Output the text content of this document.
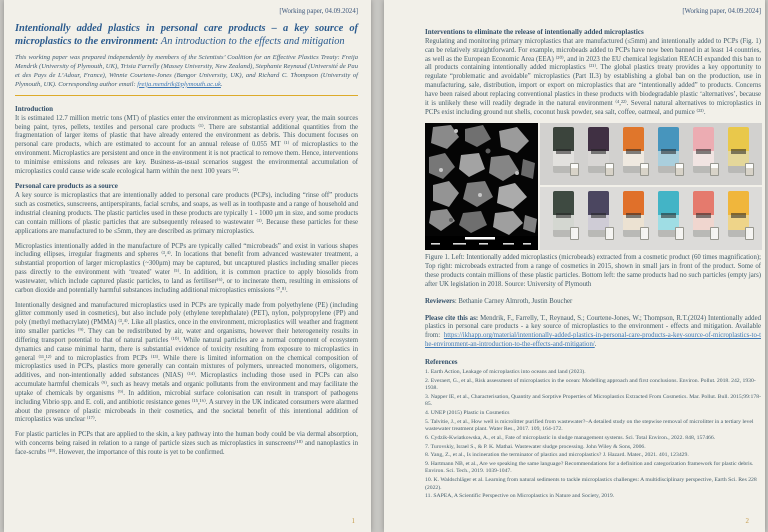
[Working paper, 04.09.2024]
Intentionally added plastics in personal care products – a key source of microplastics to the environment: An introduction to the effects and mitigation

This working paper was prepared independently by members of the Scientists’ Coalition for an Effective Plastics Treaty: Freija Mendrik (University of Plymouth, UK), Trisia Farrelly (Massey University, New Zealand), Stephanie Reynaud (Université de Pau et des Pays de L’Adour, France), Winnie Courtene-Jones (Bangor University, UK), and Richard C. Thompson (University of Plymouth, UK). Corresponding author email: freija.mendrik@plymouth.ac.uk.

Introduction

It is estimated 12.7 million metric tons (MT) of plastics enter the environment as microplastics every year, the main sources being paint, tyres, pellets, textiles and personal care products ⁽¹⁾. There are substantial additional quantities from the fragmentation of larger items of plastic that have already entered the environment as debris. This document focuses on personal care products, which are estimated to account for an annual release of 0.055 MT ⁽¹⁾ of microplastics to the environment. Microplastics are persistent and once in the environment it is not practical to remove them. Hence, interventions to minimise emissions and releases are key. Business-as-usual scenarios suggest the environmental accumulation of microplastics could cause wide scale ecological harm within the next 100 years ⁽²⁾.

Personal care products as a source

A key source is microplastics that are intentionally added to personal care products (PCPs), including “rinse off” products such as cosmetics, sunscreens, antiperspirants, facial scrubs, and soaps, as well as in toothpaste and a range of household and industrial cleaning products. The plastic particles used in these products are typically 1 - 1000 μm in size, and some products can contain millions of plastic particles that are subsequently released to wastewater ⁽³⁾. Because these particles for these applications are manufactured to be ≤5mm, they are described as primary microplastics.

Microplastics intentionally added in the manufacture of PCPs are typically called “microbeads” and exist in various shapes including ellipses, irregular fragments and spheres ⁽³,⁴⁾. In locations that benefit from advanced wastewater treatment, a substantial proportion of larger microplastics (~300μm) may be captured, but uncaptured plastics including smaller pieces pass directly to the environment with ‘treated’ water ⁽⁵⁾. In addition, it is common practice to apply biosolids from wastewater, which include captured plastic particles, to land as fertiliser⁽⁶⁾, or to incinerate them, resulting in emissions of carbon dioxide and potentially harmful substances including additional microplastics emissions ⁽⁷,⁸⁾.

Intentionally designed and manufactured microplastics used in PCPs are typically made from polyethylene (PE) (including glitter commonly used in cosmetics), but also include poly (ethylene terephthalate) (PET), nylon, polypropylene (PP) and poly (methyl methacrylate) (PMMA) ⁽³,⁴⁾. Like all plastics, once in the environment, microplastics will weather and fragment into smaller particles ⁽⁹⁾. They can be redistributed by air, water and organisms, however their heterogeneity results in differing transport potential to that of natural particles ⁽¹⁰⁾. While natural particles are a normal component of ecosystem dynamics and cause minimal harm, there is substantial evidence of toxicity resulting from exposure to microplastics in general ⁽¹¹,¹²⁾ and to microplastics from PCPs ⁽¹³⁾. While there is limited information on the chemical composition of microplastics used in PCPs, plastics more generally can contain mixtures of polymers, unreacted monomers, oligomers, additives, and non-intentionally added substances (NIAS) ⁽¹⁴⁾. Microplastics including those used in PCPs can also accumulate harmful chemicals ⁽⁹⁾, such as heavy metals and organic pollutants from the environment and may facilitate the uptake of chemicals by organisms ⁽⁹⁾. In addition, microbial surface colonisation can result in transport of pathogens including Vibrio spp. and E. coli, and antibiotic resistance genes ⁽¹⁵,¹⁶⁾. A survey in the UK indicated consumers were alarmed about the presence of plastic microbeads in their cosmetics, and the societal benefit of this intentional addition of microplastics was unclear ⁽¹⁷⁾.

For plastic particles in PCPs that are applied to the skin, a key pathway into the human body could be via dermal absorption, with concerns being raised in relation to a range of particle sizes such as microplastics in sunscreens⁽¹⁸⁾ and nanoplastics in face-scrubs ⁽¹⁹⁾. However, the importance of this route is yet to be confirmed.

1
[Working paper, 04.09.2024]
Interventions to eliminate the release of intentionally added microplastics

Regulating and monitoring primary microplastics that are manufactured (≤5mm) and intentionally added to PCPs (Fig. 1) can be relatively straightforward. For example, microbeads added to PCPs have now been banned in at least 14 countries, as well as the European Economic Area (EEA) ⁽²⁰⁾, and in 2023 the EU chemical legislation REACH expanded this ban to all products containing intentionally added microplastics ⁽²¹⁾. The global plastics treaty provides a key opportunity to regulate “problematic and avoidable” microplastics (Part II.3) by establishing a global ban on the production, use in manufacturing, sale, distribution, import or export on microplastics that are “intentionally added” to products. Concerns have been raised about replacing conventional plastics in these products with biodegradable plastic ‘alternatives’, because it is unlikely these will readily degrade in the natural environment ⁽⁴,²²⁾. Several natural alternatives to microplastics in PCPs exist including ground nut shells, coconut husk powder, sea salt, coffee, oatmeal, and pumice ⁽²³⁾.

Figure 1. Left: Intentionally added microplastics (microbeads) extracted from a cosmetic product (60 times magnification); Top right: microbeads extracted from a range of cosmetics in 2015, shown in small jars in front of the product. Some of these products contain millions of these plastic particles. Bottom left: the same products had no such particles (empty jars) after UK legislation in 2018. Source: University of Plymouth

Reviewers: Bethanie Carney Almroth, Justin Boucher

Please cite this as: Mendrik, F., Farrelly, T., Reynaud, S.; Courtene-Jones, W.; Thompson, R.T.(2024) Intentionally added plastics in personal care products - a key source of microplastics to the environment - effects and mitigation. Available from: https://ikhapp.org/material/intentionally-added-plastics-in-personal-care-products-a-key-source-of-microplastics-to-the-environment-an-introduction-to-the-effects-and-mitigation/.

References
1. Earth Action, Leakage of microplastics into oceans and land (2023).
2. Everaert, G., et al., Risk assessment of microplastics in the ocean: Modelling approach and first conclusions. Environ. Pollut. 2018. 242, 1930-1938.
3. Napper IE, et al., Characterisation, Quantity and Sorptive Properties of Microplastics Extracted From Cosmetics. Mar. Pollut. Bull. 2015;99:178-85.
4. UNEP (2015) Plastic in Cosmetics
5. Talvitie, J., et al., How well is microlitter purified from wastewater?–A detailed study on the stepwise removal of microlitter in a tertiary level wastewater treatment plant. Water Res., 2017. 109, 164-172.
6. Cydzik-Kwiatkowska, A., et al., Fate of microplastic in sludge management systems. Sci. Total Environ., 2022. 848, 157466.
7. Turovskiy, Israel S., & P. K. Mathai. Wastewater sludge processing. John Wiley & Sons, 2006.
8. Yang, Z., et al., Is incineration the terminator of plastics and microplastics? J. Hazard. Mater., 2021. 401, 123429.
9. Hartmann NB, et al., Are we speaking the same language? Recommendations for a definition and categorization framework for plastic debris. Environ. Sci. Tech., 2019. 1039-1047.
10. K. Waldschläger et al. Learning from natural sediments to tackle microplastics challenges: A multidisciplinary perspective, Earth Sci. Res 228 (2022).
11. SAPEA, A Scientific Perspective on Microplastics in Nature and Society, 2019.
2
